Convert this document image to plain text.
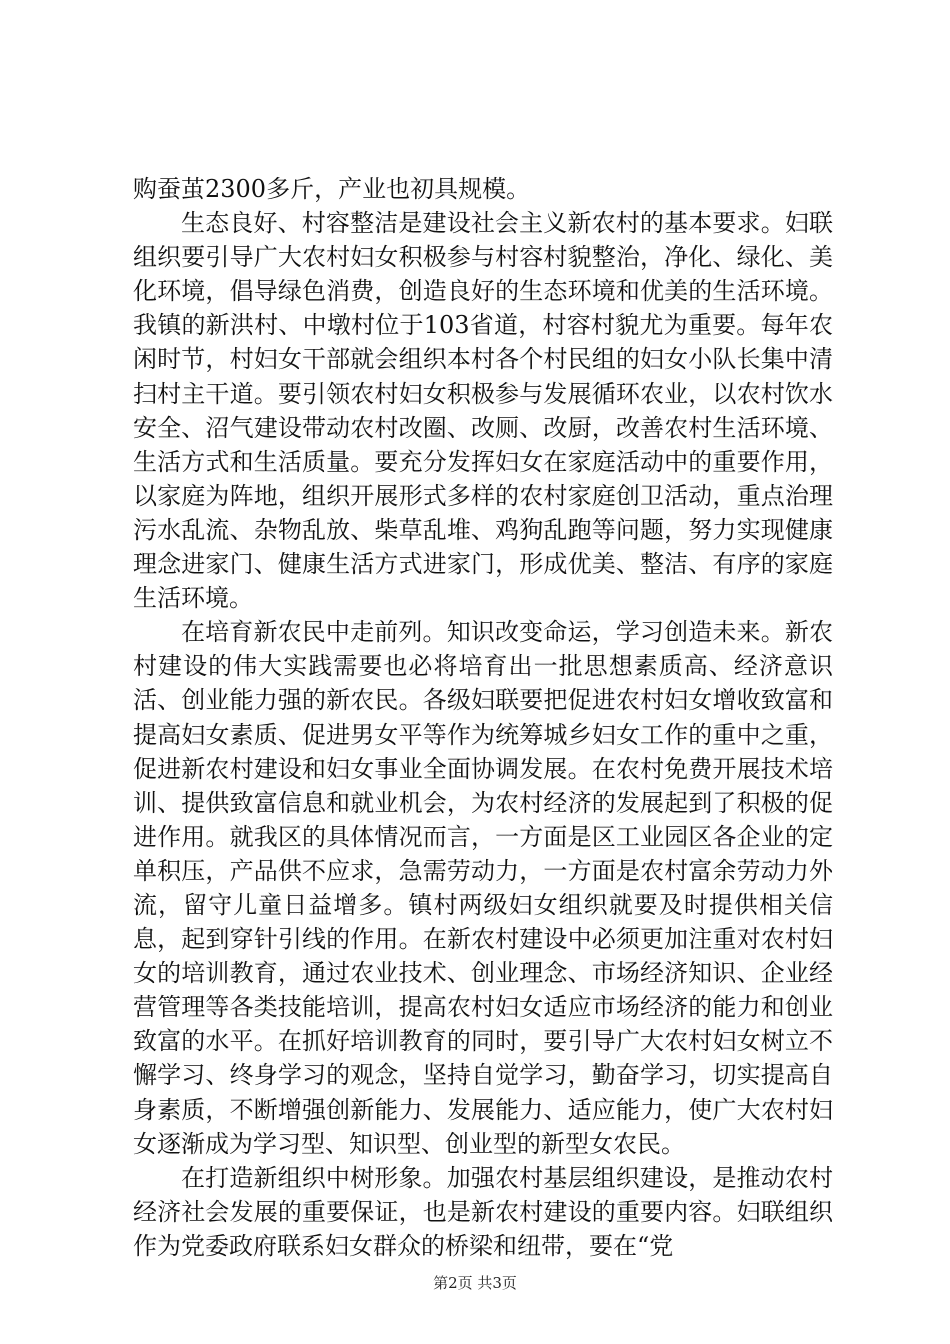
购蚕茧2300多斤，产业也初具规模。

生态良好、村容整洁是建设社会主义新农村的基本要求。妇联组织要引导广大农村妇女积极参与村容村貌整治，净化、绿化、美化环境，倡导绿色消费，创造良好的生态环境和优美的生活环境。我镇的新洪村、中墩村位于103省道，村容村貌尤为重要。每年农闲时节，村妇女干部就会组织本村各个村民组的妇女小队长集中清扫村主干道。要引领农村妇女积极参与发展循环农业，以农村饮水安全、沼气建设带动农村改圈、改厕、改厨，改善农村生活环境、生活方式和生活质量。要充分发挥妇女在家庭活动中的重要作用，以家庭为阵地，组织开展形式多样的农村家庭创卫活动，重点治理污水乱流、杂物乱放、柴草乱堆、鸡狗乱跑等问题，努力实现健康理念进家门、健康生活方式进家门，形成优美、整洁、有序的家庭生活环境。

在培育新农民中走前列。知识改变命运，学习创造未来。新农村建设的伟大实践需要也必将培育出一批思想素质高、经济意识活、创业能力强的新农民。各级妇联要把促进农村妇女增收致富和提高妇女素质、促进男女平等作为统筹城乡妇女工作的重中之重，促进新农村建设和妇女事业全面协调发展。在农村免费开展技术培训、提供致富信息和就业机会，为农村经济的发展起到了积极的促进作用。就我区的具体情况而言，一方面是区工业园区各企业的定单积压，产品供不应求，急需劳动力，一方面是农村富余劳动力外流，留守儿童日益增多。镇村两级妇女组织就要及时提供相关信息，起到穿针引线的作用。在新农村建设中必须更加注重对农村妇女的培训教育，通过农业技术、创业理念、市场经济知识、企业经营管理等各类技能培训，提高农村妇女适应市场经济的能力和创业致富的水平。在抓好培训教育的同时，要引导广大农村妇女树立不懈学习、终身学习的观念，坚持自觉学习，勤奋学习，切实提高自身素质，不断增强创新能力、发展能力、适应能力，使广大农村妇女逐渐成为学习型、知识型、创业型的新型女农民。

在打造新组织中树形象。加强农村基层组织建设，是推动农村经济社会发展的重要保证，也是新农村建设的重要内容。妇联组织作为党委政府联系妇女群众的桥梁和纽带，要在“党

第2页 共3页
